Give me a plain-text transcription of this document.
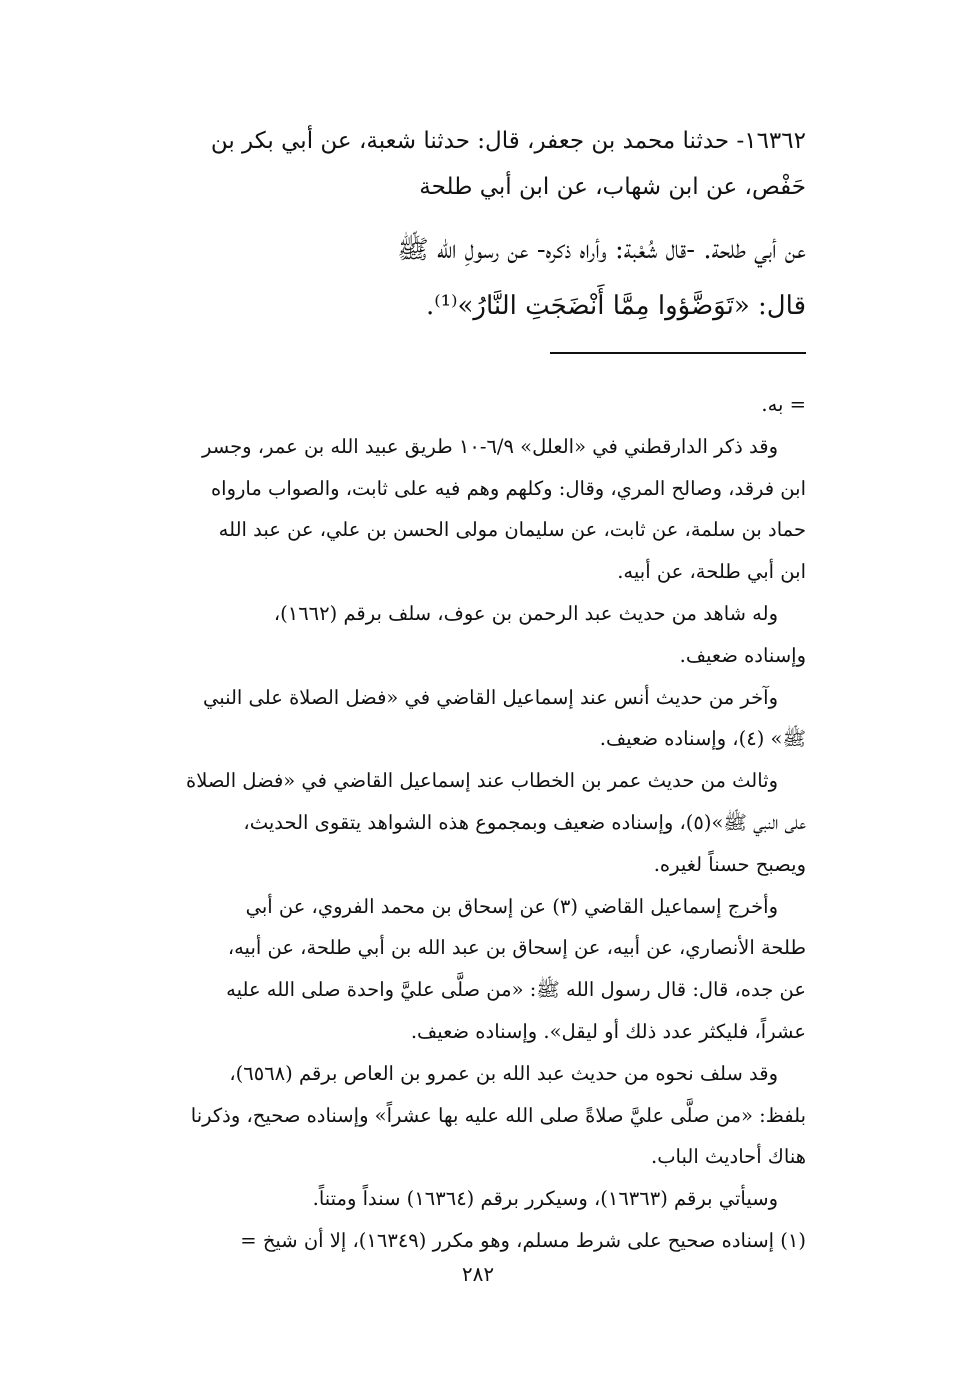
١٦٣٦٢- حدثنا محمد بن جعفر، قال: حدثنا شعبة، عن أبي بكر بن
حَفْص، عن ابن شهاب، عن ابن أبي طلحة
عن أبي طلحة. -قال شُعْبة: وأراه ذكره- عن رسولِ الله ﷺ
قال: «تَوَضَّؤوا مِمَّا أَنْضَجَتِ النَّارُ»⁽¹⁾.
= به.
وقد ذكر الدارقطني في «العلل» ٦/٩-١٠ طريق عبيد الله بن عمر، وجسر
ابن فرقد، وصالح المري، وقال: وكلهم وهم فيه على ثابت، والصواب مارواه
حماد بن سلمة، عن ثابت، عن سليمان مولى الحسن بن علي، عن عبد الله
ابن أبي طلحة، عن أبيه.
وله شاهد من حديث عبد الرحمن بن عوف، سلف برقم (١٦٦٢)،
وإسناده ضعيف.
وآخر من حديث أنس عند إسماعيل القاضي في «فضل الصلاة على النبي
ﷺ» (٤)، وإسناده ضعيف.
وثالث من حديث عمر بن الخطاب عند إسماعيل القاضي في «فضل الصلاة
على النبي ﷺ»(٥)، وإسناده ضعيف وبمجموع هذه الشواهد يتقوى الحديث،
ويصبح حسناً لغيره.
وأخرج إسماعيل القاضي (٣) عن إسحاق بن محمد الفروي، عن أبي
طلحة الأنصاري، عن أبيه، عن إسحاق بن عبد الله بن أبي طلحة، عن أبيه،
عن جده، قال: قال رسول الله ﷺ: «من صلَّى عليَّ واحدة صلى الله عليه
عشراً، فليكثر عدد ذلك أو ليقل». وإسناده ضعيف.
وقد سلف نحوه من حديث عبد الله بن عمرو بن العاص برقم (٦٥٦٨)،
بلفظ: «من صلَّى عليَّ صلاةً صلى الله عليه بها عشراً» وإسناده صحيح، وذكرنا
هناك أحاديث الباب.
وسيأتي برقم (١٦٣٦٣)، وسيكرر برقم (١٦٣٦٤) سنداً ومتناً.
(١) إسناده صحيح على شرط مسلم، وهو مكرر (١٦٣٤٩)، إلا أن شيخ =
٢٨٢
